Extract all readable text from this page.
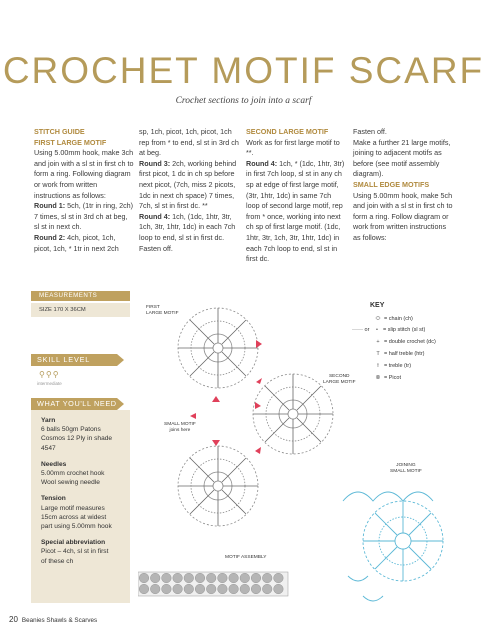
CROCHET MOTIF SCARF
Crochet sections to join into a scarf

STITCH GUIDE

FIRST LARGE MOTIF

Using 5.00mm hook, make 3ch and join with a sl st in first ch to form a ring. Following diagram or work from written instructions as follows:

Round 1: 5ch, (1tr in ring, 2ch) 7 times, sl st in 3rd ch at beg, sl st in next ch.

Round 2: 4ch, picot, 1ch, picot, 1ch, * 1tr in next 2ch

sp, 1ch, picot, 1ch, picot, 1ch rep from * to end, sl st in 3rd ch at beg.

Round 3: 2ch, working behind first picot, 1 dc in ch sp before next picot, (7ch, miss 2 picots, 1dc in next ch space) 7 times, 7ch, sl st in first dc. **

Round 4: 1ch, (1dc, 1htr, 3tr, 1ch, 3tr, 1htr, 1dc) in each 7ch loop to end, sl st in first dc. Fasten off.

SECOND LARGE MOTIF

Work as for first large motif to **.

Round 4: 1ch, * (1dc, 1htr, 3tr) in first 7ch loop, sl st in any ch sp at edge of first large motif, (3tr, 1htr, 1dc) in same 7ch loop of second large motif, rep from * once, working into next ch sp of first large motif. (1dc, 1htr, 3tr, 1ch, 3tr, 1htr, 1dc) in each 7ch loop to end, sl st in first dc.

Fasten off.

Make a further 21 large motifs, joining to adjacent motifs as before (see motif assembly diagram).

SMALL EDGE MOTIFS

Using 5.00mm hook, make 5ch and join with a sl st in first ch to form a ring. Follow diagram or work from written instructions as follows:

MEASUREMENTS
SIZE 170 X 36CM
SKILL LEVEL
⚲⚲⚲
intermediate
WHAT YOU'LL NEED

Yarn

6 balls 50gm Patons

Cosmos 12 Ply in shade

4547

Needles

5.00mm crochet hook

Wool sewing needle

Tension

Large motif measures

15cm across at widest

part using 5.00mm hook

Special abbreviation

Picot – 4ch, sl st in first

of these ch

FIRST
LARGE MOTIF
SECOND
LARGE MOTIF
SMALL MOTIF
joins here
JOINING
SMALL MOTIF
MOTIF ASSEMBLY
KEY
⬭ = chain (ch)
—— or • = slip stitch (sl st)
+ = double crochet (dc)
T = half treble (htr)
ƚ = treble (tr)
⦾ = Picot
20 Beanies Shawls & Scarves
